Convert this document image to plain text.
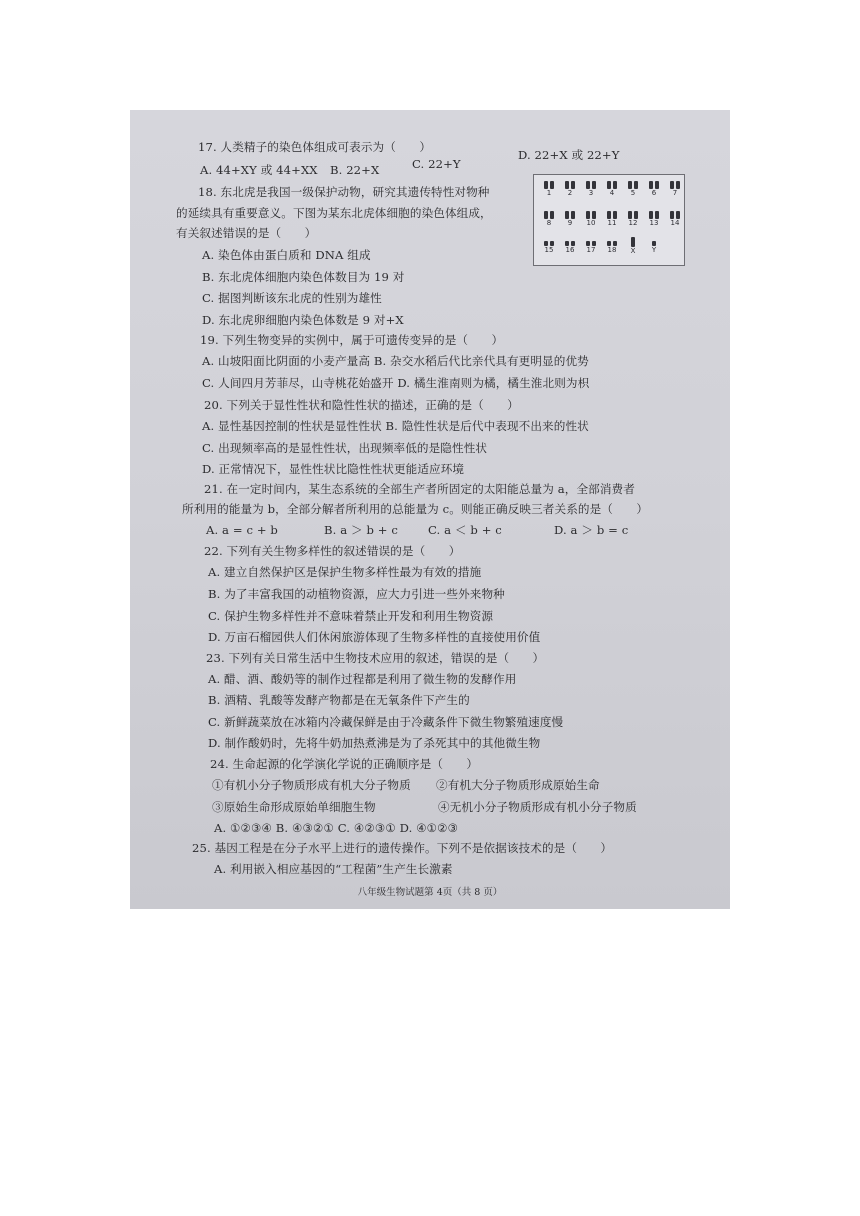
17. 人类精子的染色体组成可表示为（　　）
A. 44+XY 或 44+XX B. 22+X	C. 22+Y
D. 22+X 或 22+Y
18. 东北虎是我国一级保护动物，研究其遗传特性对物种
的延续具有重要意义。下图为某东北虎体细胞的染色体组成，
有关叙述错误的是（　　）
1	2	3	4	5	6	7
8	9	10	11	12	13	14
15	16	17	18	X	Y
A. 染色体由蛋白质和 DNA 组成
B. 东北虎体细胞内染色体数目为 19 对
C. 据图判断该东北虎的性别为雄性
D. 东北虎卵细胞内染色体数是 9 对+X
19. 下列生物变异的实例中，属于可遗传变异的是（　　）
A. 山坡阳面比阴面的小麦产量高 B. 杂交水稻后代比亲代具有更明显的优势
C. 人间四月芳菲尽，山寺桃花始盛开 D. 橘生淮南则为橘，橘生淮北则为枳
20. 下列关于显性性状和隐性性状的描述，正确的是（　　）
A. 显性基因控制的性状是显性性状 B. 隐性性状是后代中表现不出来的性状
C. 出现频率高的是显性性状，出现频率低的是隐性性状
D. 正常情况下，显性性状比隐性性状更能适应环境
21. 在一定时间内，某生态系统的全部生产者所固定的太阳能总量为 a，全部消费者
所利用的能量为 b，全部分解者所利用的总能量为 c。则能正确反映三者关系的是（　　）
A. a = c + b	B. a ＞ b + c	C. a ＜ b + c	D. a ＞ b = c
22. 下列有关生物多样性的叙述错误的是（　　）
A. 建立自然保护区是保护生物多样性最为有效的措施
B. 为了丰富我国的动植物资源，应大力引进一些外来物种
C. 保护生物多样性并不意味着禁止开发和利用生物资源
D. 万亩石榴园供人们休闲旅游体现了生物多样性的直接使用价值
23. 下列有关日常生活中生物技术应用的叙述，错误的是（　　）
A. 醋、酒、酸奶等的制作过程都是利用了微生物的发酵作用
B. 酒精、乳酸等发酵产物都是在无氧条件下产生的
C. 新鲜蔬菜放在冰箱内冷藏保鲜是由于冷藏条件下微生物繁殖速度慢
D. 制作酸奶时，先将牛奶加热煮沸是为了杀死其中的其他微生物
24. 生命起源的化学演化学说的正确顺序是（　　）
①有机小分子物质形成有机大分子物质 ②有机大分子物质形成原始生命
③原始生命形成原始单细胞生物	④无机小分子物质形成有机小分子物质
A. ①②③④ B. ④③②① C. ④②③① D. ④①②③
25. 基因工程是在分子水平上进行的遗传操作。下列不是依据该技术的是（　　）
A. 利用嵌入相应基因的“工程菌”生产生长激素
八年级生物试题第 4页（共 8 页）
